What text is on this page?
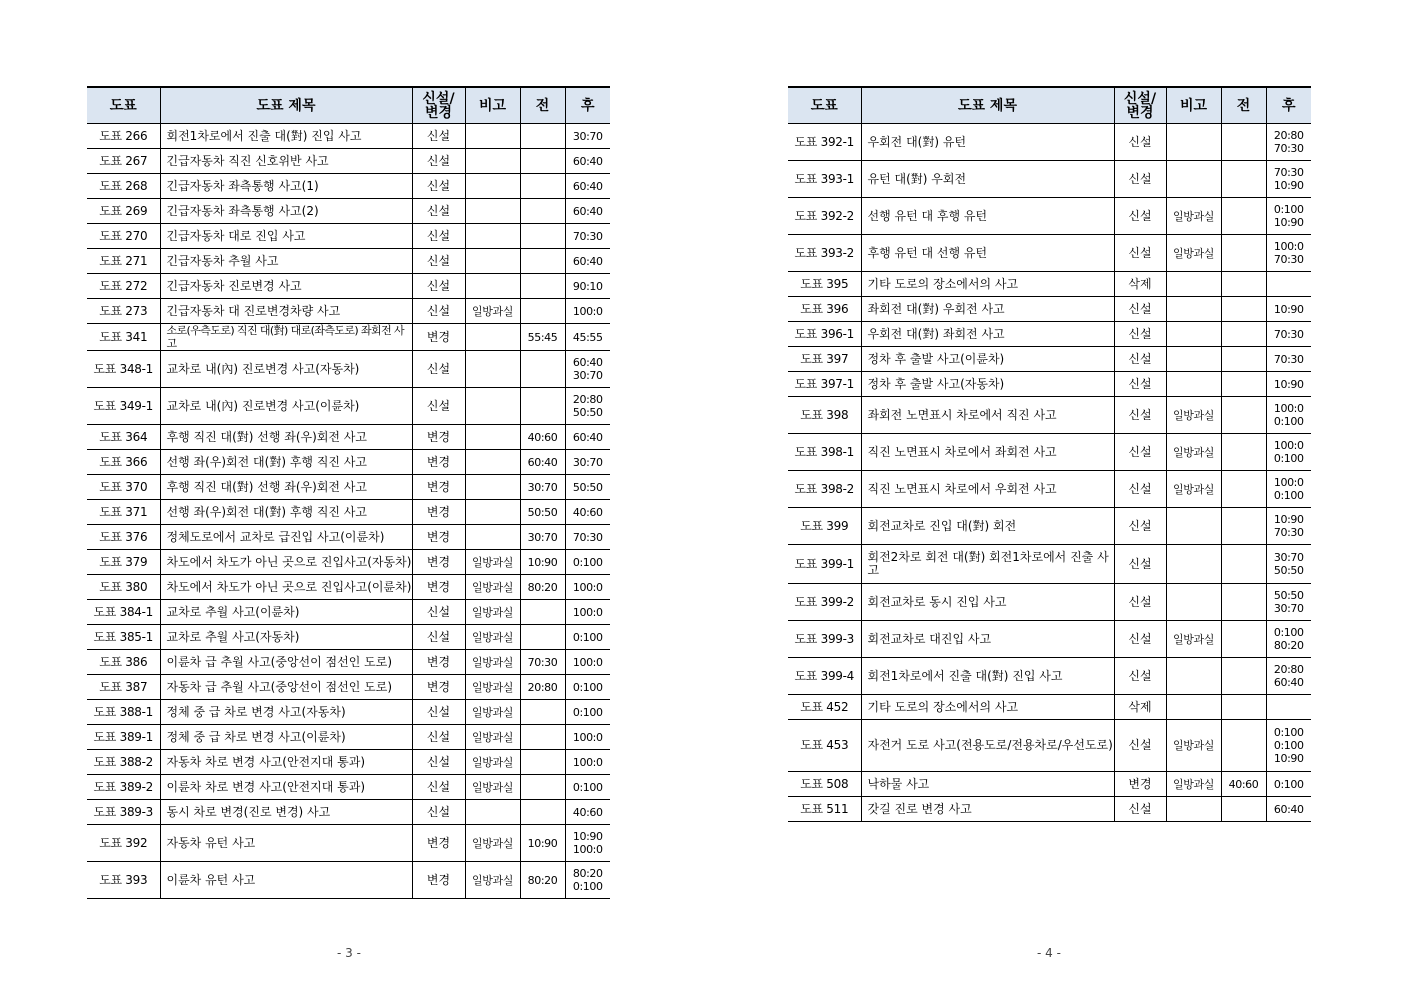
도표	도표 제목	신설/
변경	비고	전	후
도표 266	회전1차로에서 진출 대(對) 진입 사고	신설			30:70

도표 267	긴급자동차 직진 신호위반 사고	신설			60:40

도표 268	긴급자동차 좌측통행 사고(1)	신설			60:40

도표 269	긴급자동차 좌측통행 사고(2)	신설			60:40

도표 270	긴급자동차 대로 진입 사고	신설			70:30

도표 271	긴급자동차 추월 사고	신설			60:40

도표 272	긴급자동차 진로변경 사고	신설			90:10

도표 273	긴급자동차 대 진로변경차량 사고	신설	일방과실		100:0

도표 341	소로(우측도로) 직진 대(對) 대로(좌측도로) 좌회전 사고	변경		55:45	45:55

도표 348-1	교차로 내(內) 진로변경 사고(자동차)	신설			60:40
30:70

도표 349-1	교차로 내(內) 진로변경 사고(이륜차)	신설			20:80
50:50

도표 364	후행 직진 대(對) 선행 좌(우)회전 사고	변경		40:60	60:40

도표 366	선행 좌(우)회전 대(對) 후행 직진 사고	변경		60:40	30:70

도표 370	후행 직진 대(對) 선행 좌(우)회전 사고	변경		30:70	50:50

도표 371	선행 좌(우)회전 대(對) 후행 직진 사고	변경		50:50	40:60

도표 376	정체도로에서 교차로 급진입 사고(이륜차)	변경		30:70	70:30

도표 379	차도에서 차도가 아닌 곳으로 진입사고(자동차)	변경	일방과실	10:90	0:100

도표 380	차도에서 차도가 아닌 곳으로 진입사고(이륜차)	변경	일방과실	80:20	100:0

도표 384-1	교차로 추월 사고(이륜차)	신설	일방과실		100:0

도표 385-1	교차로 추월 사고(자동차)	신설	일방과실		0:100

도표 386	이륜차 급 추월 사고(중앙선이 점선인 도로)	변경	일방과실	70:30	100:0

도표 387	자동차 급 추월 사고(중앙선이 점선인 도로)	변경	일방과실	20:80	0:100

도표 388-1	정체 중 급 차로 변경 사고(자동차)	신설	일방과실		0:100

도표 389-1	정체 중 급 차로 변경 사고(이륜차)	신설	일방과실		100:0

도표 388-2	자동차 차로 변경 사고(안전지대 통과)	신설	일방과실		100:0

도표 389-2	이륜차 차로 변경 사고(안전지대 통과)	신설	일방과실		0:100

도표 389-3	동시 차로 변경(진로 변경) 사고	신설			40:60

도표 392	자동차 유턴 사고	변경	일방과실	10:90	10:90
100:0

도표 393	이륜차 유턴 사고	변경	일방과실	80:20	80:20
0:100
도표	도표 제목	신설/
변경	비고	전	후
도표 392-1	우회전 대(對) 유턴	신설			20:80
70:30

도표 393-1	유턴 대(對) 우회전	신설			70:30
10:90

도표 392-2	선행 유턴 대 후행 유턴	신설	일방과실		0:100
10:90

도표 393-2	후행 유턴 대 선행 유턴	신설	일방과실		100:0
70:30

도표 395	기타 도로의 장소에서의 사고	삭제			
도표 396	좌회전 대(對) 우회전 사고	신설			10:90

도표 396-1	우회전 대(對) 좌회전 사고	신설			70:30

도표 397	정차 후 출발 사고(이륜차)	신설			70:30

도표 397-1	정차 후 출발 사고(자동차)	신설			10:90

도표 398	좌회전 노면표시 차로에서 직진 사고	신설	일방과실		100:0
0:100

도표 398-1	직진 노면표시 차로에서 좌회전 사고	신설	일방과실		100:0
0:100

도표 398-2	직진 노면표시 차로에서 우회전 사고	신설	일방과실		100:0
0:100

도표 399	회전교차로 진입 대(對) 회전	신설			10:90
70:30

도표 399-1	회전2차로 회전 대(對) 회전1차로에서 진출 사고	신설			30:70
50:50

도표 399-2	회전교차로 동시 진입 사고	신설			50:50
30:70

도표 399-3	회전교차로 대진입 사고	신설	일방과실		0:100
80:20

도표 399-4	회전1차로에서 진출 대(對) 진입 사고	신설			20:80
60:40

도표 452	기타 도로의 장소에서의 사고	삭제			
도표 453	자전거 도로 사고(전용도로/전용차로/우선도로)	신설	일방과실		0:100
0:100
10:90

도표 508	낙하물 사고	변경	일방과실	40:60	0:100

도표 511	갓길 진로 변경 사고	신설			60:40
- 3 -	- 4 -
